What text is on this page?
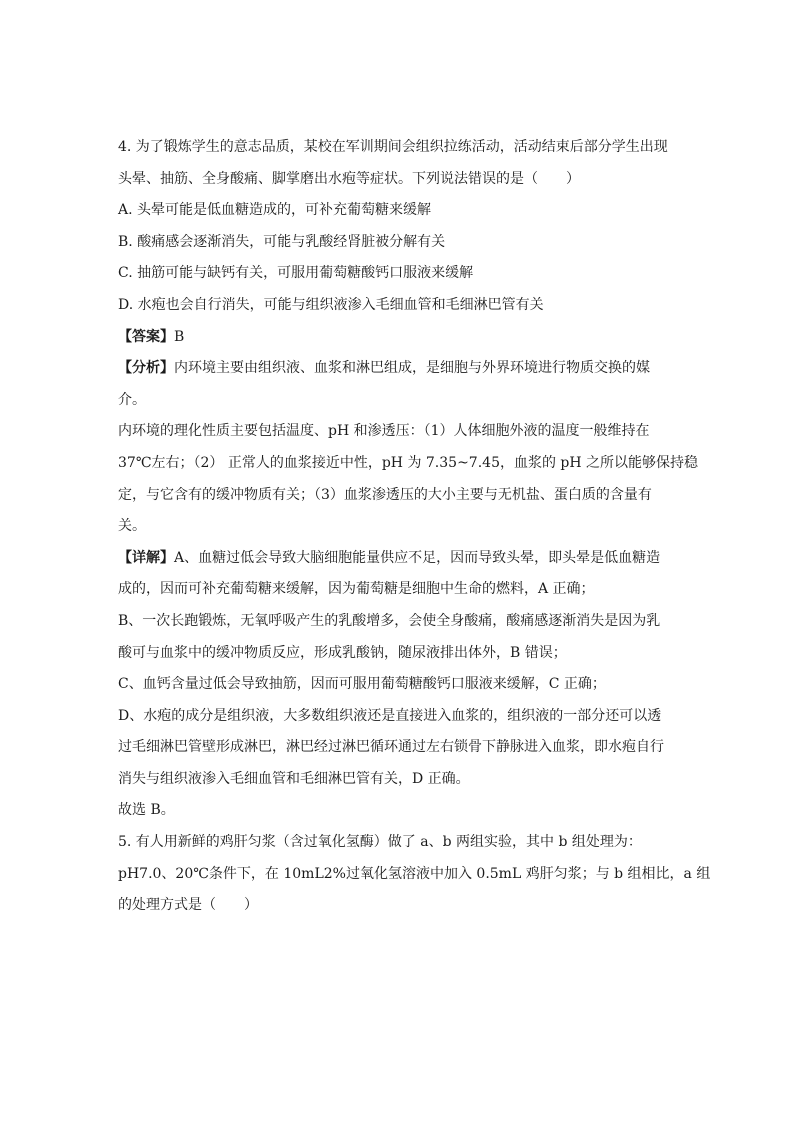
4. 为了锻炼学生的意志品质，某校在军训期间会组织拉练活动，活动结束后部分学生出现
头晕、抽筋、全身酸痛、脚掌磨出水疱等症状。下列说法错误的是（　　）
A. 头晕可能是低血糖造成的，可补充葡萄糖来缓解
B. 酸痛感会逐渐消失，可能与乳酸经肾脏被分解有关
C. 抽筋可能与缺钙有关，可服用葡萄糖酸钙口服液来缓解
D. 水疱也会自行消失，可能与组织液渗入毛细血管和毛细淋巴管有关
【答案】B
【分析】内环境主要由组织液、血浆和淋巴组成，是细胞与外界环境进行物质交换的媒
介。
内环境的理化性质主要包括温度、pH 和渗透压：（1）人体细胞外液的温度一般维持在
37℃左右；（2） 正常人的血浆接近中性，pH 为 7.35~7.45，血浆的 pH 之所以能够保持稳
定，与它含有的缓冲物质有关；（3）血浆渗透压的大小主要与无机盐、蛋白质的含量有
关。
【详解】A、血糖过低会导致大脑细胞能量供应不足，因而导致头晕，即头晕是低血糖造
成的，因而可补充葡萄糖来缓解，因为葡萄糖是细胞中生命的燃料，A 正确；
B、一次长跑锻炼，无氧呼吸产生的乳酸增多，会使全身酸痛，酸痛感逐渐消失是因为乳
酸可与血浆中的缓冲物质反应，形成乳酸钠，随尿液排出体外，B 错误；
C、血钙含量过低会导致抽筋，因而可服用葡萄糖酸钙口服液来缓解，C 正确；
D、水疱的成分是组织液，大多数组织液还是直接进入血浆的，组织液的一部分还可以透
过毛细淋巴管壁形成淋巴，淋巴经过淋巴循环通过左右锁骨下静脉进入血浆，即水疱自行
消失与组织液渗入毛细血管和毛细淋巴管有关，D 正确。
故选 B。
5. 有人用新鲜的鸡肝匀浆（含过氧化氢酶）做了 a、b 两组实验，其中 b 组处理为：
pH7.0、20℃条件下，在 10mL2%过氧化氢溶液中加入 0.5mL 鸡肝匀浆；与 b 组相比，a 组
的处理方式是（　　）
